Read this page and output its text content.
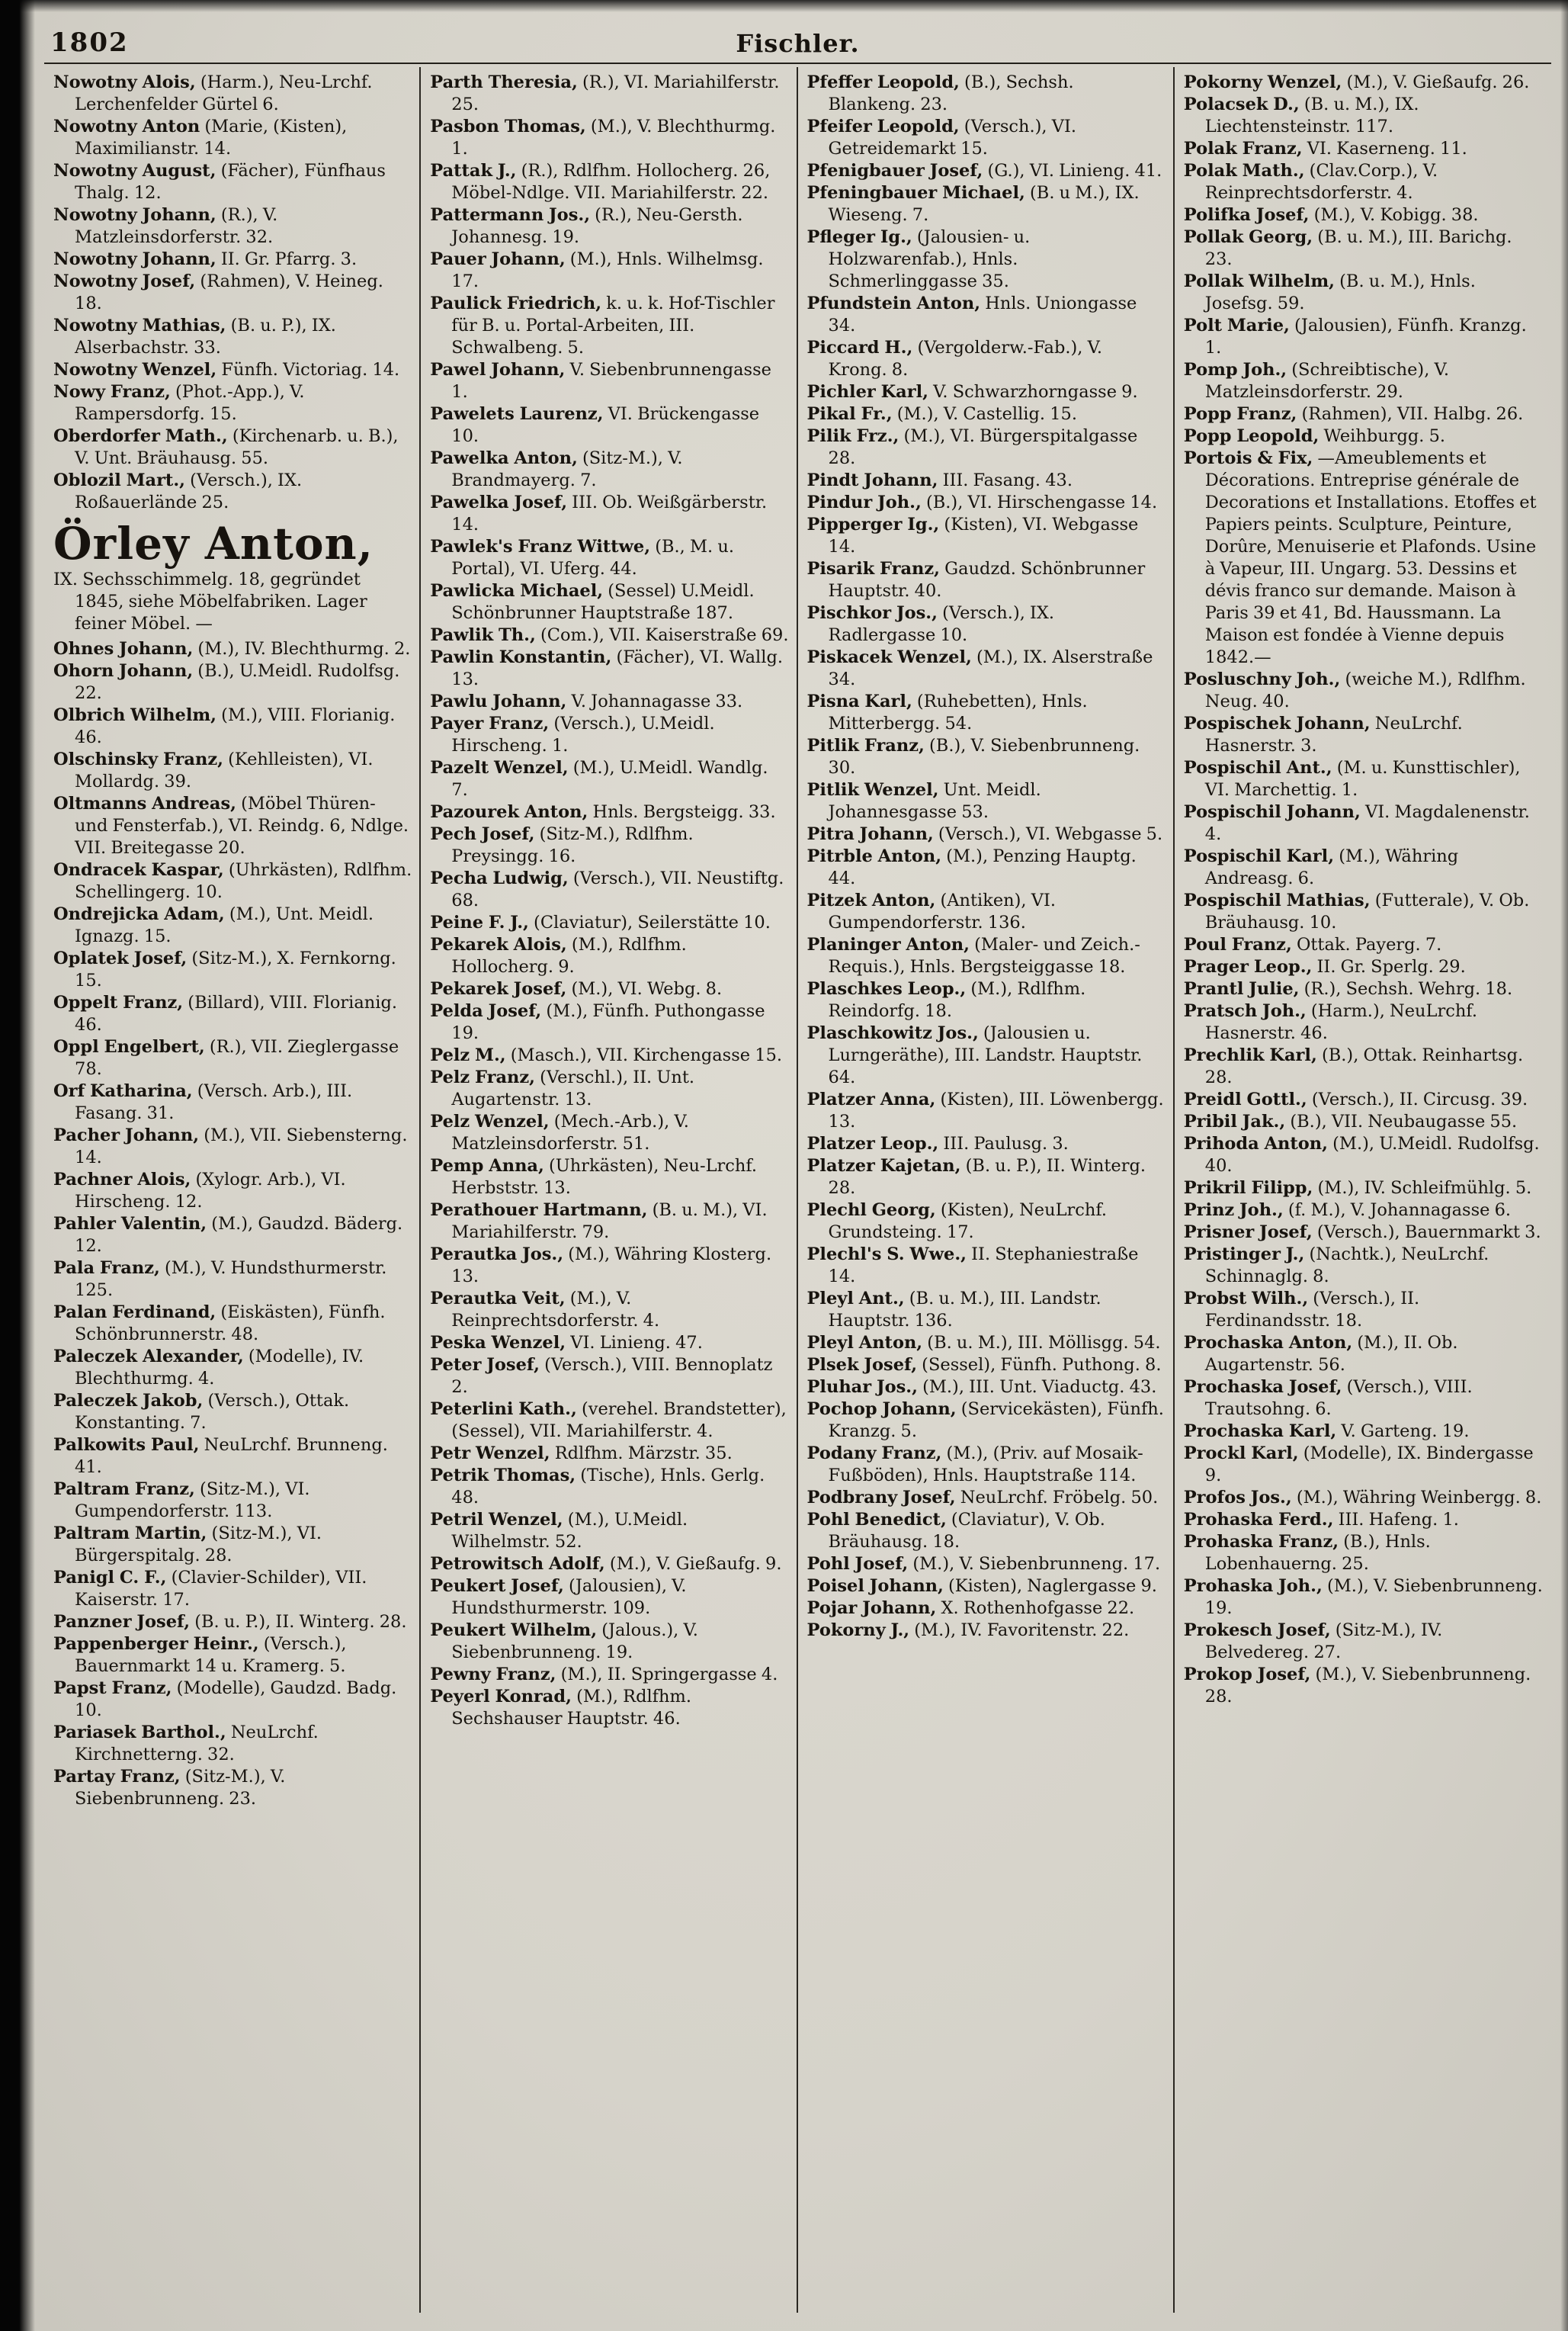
1802	Fischler.

Nowotny Alois, (Harm.), Neu-Lrchf. Lerchenfelder Gürtel 6.

Nowotny Anton (Marie, (Kisten), Maximilianstr. 14.

Nowotny August, (Fächer), Fünfhaus Thalg. 12.

Nowotny Johann, (R.), V. Matzleinsdorferstr. 32.

Nowotny Johann, II. Gr. Pfarrg. 3.

Nowotny Josef, (Rahmen), V. Heineg. 18.

Nowotny Mathias, (B. u. P.), IX. Alserbachstr. 33.

Nowotny Wenzel, Fünfh. Victoriag. 14.

Nowy Franz, (Phot.-App.), V. Rampersdorfg. 15.

Oberdorfer Math., (Kirchenarb. u. B.), V. Unt. Bräuhausg. 55.

Oblozil Mart., (Versch.), IX. Roßauerlände 25.

Örley Anton,
IX. Sechsschimmelg. 18, gegründet 1845, siehe Möbelfabriken. Lager feiner Möbel. —

Ohnes Johann, (M.), IV. Blechthurmg. 2.

Ohorn Johann, (B.), U.Meidl. Rudolfsg. 22.

Olbrich Wilhelm, (M.), VIII. Florianig. 46.

Olschinsky Franz, (Kehlleisten), VI. Mollardg. 39.

Oltmanns Andreas, (Möbel Thüren- und Fensterfab.), VI. Reindg. 6, Ndlge. VII. Breitegasse 20.

Ondracek Kaspar, (Uhrkästen), Rdlfhm. Schellingerg. 10.

Ondrejicka Adam, (M.), Unt. Meidl. Ignazg. 15.

Oplatek Josef, (Sitz-M.), X. Fernkorng. 15.

Oppelt Franz, (Billard), VIII. Florianig. 46.

Oppl Engelbert, (R.), VII. Zieglergasse 78.

Orf Katharina, (Versch. Arb.), III. Fasang. 31.

Pacher Johann, (M.), VII. Siebensterng. 14.

Pachner Alois, (Xylogr. Arb.), VI. Hirscheng. 12.

Pahler Valentin, (M.), Gaudzd. Bäderg. 12.

Pala Franz, (M.), V. Hundsthurmerstr. 125.

Palan Ferdinand, (Eiskästen), Fünfh. Schönbrunnerstr. 48.

Paleczek Alexander, (Modelle), IV. Blechthurmg. 4.

Paleczek Jakob, (Versch.), Ottak. Konstanting. 7.

Palkowits Paul, NeuLrchf. Brunneng. 41.

Paltram Franz, (Sitz-M.), VI. Gumpendorferstr. 113.

Paltram Martin, (Sitz-M.), VI. Bürgerspitalg. 28.

Panigl C. F., (Clavier-Schilder), VII. Kaiserstr. 17.

Panzner Josef, (B. u. P.), II. Winterg. 28.

Pappenberger Heinr., (Versch.), Bauernmarkt 14 u. Kramerg. 5.

Papst Franz, (Modelle), Gaudzd. Badg. 10.

Pariasek Barthol., NeuLrchf. Kirchnetterng. 32.

Partay Franz, (Sitz-M.), V. Siebenbrunneng. 23.

Parth Theresia, (R.), VI. Mariahilferstr. 25.

Pasbon Thomas, (M.), V. Blechthurmg. 1.

Pattak J., (R.), Rdlfhm. Hollocherg. 26, Möbel-Ndlge. VII. Mariahilferstr. 22.

Pattermann Jos., (R.), Neu-Gersth. Johannesg. 19.

Pauer Johann, (M.), Hnls. Wilhelmsg. 17.

Paulick Friedrich, k. u. k. Hof-Tischler für B. u. Portal-Arbeiten, III. Schwalbeng. 5.

Pawel Johann, V. Siebenbrunnengasse 1.

Pawelets Laurenz, VI. Brückengasse 10.

Pawelka Anton, (Sitz-M.), V. Brandmayerg. 7.

Pawelka Josef, III. Ob. Weißgärberstr. 14.

Pawlek's Franz Wittwe, (B., M. u. Portal), VI. Uferg. 44.

Pawlicka Michael, (Sessel) U.Meidl. Schönbrunner Hauptstraße 187.

Pawlik Th., (Com.), VII. Kaiserstraße 69.

Pawlin Konstantin, (Fächer), VI. Wallg. 13.

Pawlu Johann, V. Johannagasse 33.

Payer Franz, (Versch.), U.Meidl. Hirscheng. 1.

Pazelt Wenzel, (M.), U.Meidl. Wandlg. 7.

Pazourek Anton, Hnls. Bergsteigg. 33.

Pech Josef, (Sitz-M.), Rdlfhm. Preysingg. 16.

Pecha Ludwig, (Versch.), VII. Neustiftg. 68.

Peine F. J., (Claviatur), Seilerstätte 10.

Pekarek Alois, (M.), Rdlfhm. Hollocherg. 9.

Pekarek Josef, (M.), VI. Webg. 8.

Pelda Josef, (M.), Fünfh. Puthongasse 19.

Pelz M., (Masch.), VII. Kirchengasse 15.

Pelz Franz, (Verschl.), II. Unt. Augartenstr. 13.

Pelz Wenzel, (Mech.-Arb.), V. Matzleinsdorferstr. 51.

Pemp Anna, (Uhrkästen), Neu-Lrchf. Herbststr. 13.

Perathouer Hartmann, (B. u. M.), VI. Mariahilferstr. 79.

Perautka Jos., (M.), Währing Klosterg. 13.

Perautka Veit, (M.), V. Reinprechtsdorferstr. 4.

Peska Wenzel, VI. Linieng. 47.

Peter Josef, (Versch.), VIII. Bennoplatz 2.

Peterlini Kath., (verehel. Brandstetter), (Sessel), VII. Mariahilferstr. 4.

Petr Wenzel, Rdlfhm. Märzstr. 35.

Petrik Thomas, (Tische), Hnls. Gerlg. 48.

Petril Wenzel, (M.), U.Meidl. Wilhelmstr. 52.

Petrowitsch Adolf, (M.), V. Gießaufg. 9.

Peukert Josef, (Jalousien), V. Hundsthurmerstr. 109.

Peukert Wilhelm, (Jalous.), V. Siebenbrunneng. 19.

Pewny Franz, (M.), II. Springergasse 4.

Peyerl Konrad, (M.), Rdlfhm. Sechshauser Hauptstr. 46.

Pfeffer Leopold, (B.), Sechsh. Blankeng. 23.

Pfeifer Leopold, (Versch.), VI. Getreidemarkt 15.

Pfenigbauer Josef, (G.), VI. Linieng. 41.

Pfeningbauer Michael, (B. u M.), IX. Wieseng. 7.

Pfleger Ig., (Jalousien- u. Holzwarenfab.), Hnls. Schmerlinggasse 35.

Pfundstein Anton, Hnls. Uniongasse 34.

Piccard H., (Vergolderw.-Fab.), V. Krong. 8.

Pichler Karl, V. Schwarzhorngasse 9.

Pikal Fr., (M.), V. Castellig. 15.

Pilik Frz., (M.), VI. Bürgerspitalgasse 28.

Pindt Johann, III. Fasang. 43.

Pindur Joh., (B.), VI. Hirschengasse 14.

Pipperger Ig., (Kisten), VI. Webgasse 14.

Pisarik Franz, Gaudzd. Schönbrunner Hauptstr. 40.

Pischkor Jos., (Versch.), IX. Radlergasse 10.

Piskacek Wenzel, (M.), IX. Alserstraße 34.

Pisna Karl, (Ruhebetten), Hnls. Mitterbergg. 54.

Pitlik Franz, (B.), V. Siebenbrunneng. 30.

Pitlik Wenzel, Unt. Meidl. Johannesgasse 53.

Pitra Johann, (Versch.), VI. Webgasse 5.

Pitrble Anton, (M.), Penzing Hauptg. 44.

Pitzek Anton, (Antiken), VI. Gumpendorferstr. 136.

Planinger Anton, (Maler- und Zeich.-Requis.), Hnls. Bergsteiggasse 18.

Plaschkes Leop., (M.), Rdlfhm. Reindorfg. 18.

Plaschkowitz Jos., (Jalousien u. Lurngeräthe), III. Landstr. Hauptstr. 64.

Platzer Anna, (Kisten), III. Löwenbergg. 13.

Platzer Leop., III. Paulusg. 3.

Platzer Kajetan, (B. u. P.), II. Winterg. 28.

Plechl Georg, (Kisten), NeuLrchf. Grundsteing. 17.

Plechl's S. Wwe., II. Stephaniestraße 14.

Pleyl Ant., (B. u. M.), III. Landstr. Hauptstr. 136.

Pleyl Anton, (B. u. M.), III. Möllisgg. 54.

Plsek Josef, (Sessel), Fünfh. Puthong. 8.

Pluhar Jos., (M.), III. Unt. Viaductg. 43.

Pochop Johann, (Servicekästen), Fünfh. Kranzg. 5.

Podany Franz, (M.), (Priv. auf Mosaik-Fußböden), Hnls. Hauptstraße 114.

Podbrany Josef, NeuLrchf. Fröbelg. 50.

Pohl Benedict, (Claviatur), V. Ob. Bräuhausg. 18.

Pohl Josef, (M.), V. Siebenbrunneng. 17.

Poisel Johann, (Kisten), Naglergasse 9.

Pojar Johann, X. Rothenhofgasse 22.

Pokorny J., (M.), IV. Favoritenstr. 22.

Pokorny Wenzel, (M.), V. Gießaufg. 26.

Polacsek D., (B. u. M.), IX. Liechtensteinstr. 117.

Polak Franz, VI. Kaserneng. 11.

Polak Math., (Clav.Corp.), V. Reinprechtsdorferstr. 4.

Polifka Josef, (M.), V. Kobigg. 38.

Pollak Georg, (B. u. M.), III. Barichg. 23.

Pollak Wilhelm, (B. u. M.), Hnls. Josefsg. 59.

Polt Marie, (Jalousien), Fünfh. Kranzg. 1.

Pomp Joh., (Schreibtische), V. Matzleinsdorferstr. 29.

Popp Franz, (Rahmen), VII. Halbg. 26.

Popp Leopold, Weihburgg. 5.

Portois & Fix, —Ameublements et Décorations. Entreprise générale de Decorations et Installations. Etoffes et Papiers peints. Sculpture, Peinture, Dorûre, Menuiserie et Plafonds. Usine à Vapeur, III. Ungarg. 53. Dessins et dévis franco sur demande. Maison à Paris 39 et 41, Bd. Haussmann. La Maison est fondée à Vienne depuis 1842.—

Posluschny Joh., (weiche M.), Rdlfhm. Neug. 40.

Pospischek Johann, NeuLrchf. Hasnerstr. 3.

Pospischil Ant., (M. u. Kunsttischler), VI. Marchettig. 1.

Pospischil Johann, VI. Magdalenenstr. 4.

Pospischil Karl, (M.), Währing Andreasg. 6.

Pospischil Mathias, (Futterale), V. Ob. Bräuhausg. 10.

Poul Franz, Ottak. Payerg. 7.

Prager Leop., II. Gr. Sperlg. 29.

Prantl Julie, (R.), Sechsh. Wehrg. 18.

Pratsch Joh., (Harm.), NeuLrchf. Hasnerstr. 46.

Prechlik Karl, (B.), Ottak. Reinhartsg. 28.

Preidl Gottl., (Versch.), II. Circusg. 39.

Pribil Jak., (B.), VII. Neubaugasse 55.

Prihoda Anton, (M.), U.Meidl. Rudolfsg. 40.

Prikril Filipp, (M.), IV. Schleifmühlg. 5.

Prinz Joh., (f. M.), V. Johannagasse 6.

Prisner Josef, (Versch.), Bauernmarkt 3.

Pristinger J., (Nachtk.), NeuLrchf. Schinnaglg. 8.

Probst Wilh., (Versch.), II. Ferdinandsstr. 18.

Prochaska Anton, (M.), II. Ob. Augartenstr. 56.

Prochaska Josef, (Versch.), VIII. Trautsohng. 6.

Prochaska Karl, V. Garteng. 19.

Prockl Karl, (Modelle), IX. Bindergasse 9.

Profos Jos., (M.), Währing Weinbergg. 8.

Prohaska Ferd., III. Hafeng. 1.

Prohaska Franz, (B.), Hnls. Lobenhauerng. 25.

Prohaska Joh., (M.), V. Siebenbrunneng. 19.

Prokesch Josef, (Sitz-M.), IV. Belvedereg. 27.

Prokop Josef, (M.), V. Siebenbrunneng. 28.
